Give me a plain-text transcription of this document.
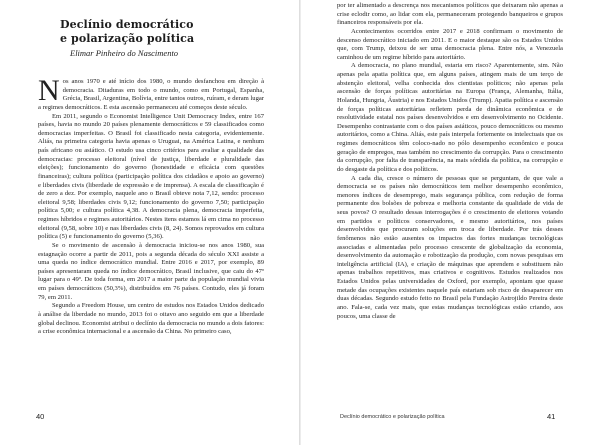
Declínio democrático
e polarização política
Elimar Pinheiro do Nascimento

Nos anos 1970 e até início dos 1980, o mundo desfanchou em direção à democracia. Ditaduras em todo o mundo, como em Portugal, Espanha, Grécia, Brasil, Argentina, Bolívia, entre tantos outros, ruíram, e deram lugar a regimes democráticos. E esta ascensão permaneceu até começos deste século.

Em 2011, segundo o Economist Intelligence Unit Democracy Index, entre 167 países, havia no mundo 20 países plenamente democráticos e 59 classificados como democracias imperfeitas. O Brasil foi classificado nesta categoria, evidentemente. Aliás, na primeira categoria havia apenas o Uruguai, na América Latina, e nenhum país africano ou asiático. O estudo usa cinco critérios para avaliar a qualidade das democracias: processo eleitoral (nível de justiça, liberdade e pluralidade das eleições); funcionamento do governo (honestidade e eficácia com questões financeiras); cultura política (participação política dos cidadãos e apoio ao governo) e liberdades civis (liberdade de expressão e de imprensa). A escala de classificação é de zero a dez. Por exemplo, naquele ano o Brasil obteve nota 7,12, sendo: processo eleitoral 9,58; liberdades civis 9,12; funcionamento do governo 7,50; participação política 5,00; e cultura política 4,38. A democracia plena, democracia imperfeita, regimes híbridos e regimes autoritários. Nestes itens estamos lá em cima no processo eleitoral (9,58, sobre 10) e nas liberdades civis (8, 24). Somos reprovados em cultura política (5) e funcionamento do governo (5,36).

Se o movimento de ascensão à democracia iniciou-se nos anos 1980, sua estagnação ocorre a partir de 2011, pois a segunda década do século XXI assiste a uma queda no índice democrático mundial. Entre 2016 e 2017, por exemplo, 89 países apresentaram queda no índice democrático, Brasil inclusive, que caiu do 47º lugar para o 49º. De toda forma, em 2017 a maior parte da população mundial vivia em países democráticos (50,3%), distribuídos em 76 países. Contudo, eles já foram 79, em 2011.

Segundo a Freedom House, um centro de estudos nos Estados Unidos dedicado à análise da liberdade no mundo, 2013 foi o oitavo ano seguido em que a liberdade global declinou. Economist atribui o declínio da democracia no mundo a dois fatores: a crise econômica internacional e a ascensão da China. No primeiro caso,

40

por ter alimentado a descrença nos mecanismos políticos que deixaram não apenas a crise eclodir como, ao lidar com ela, permaneceram protegendo banqueiros e grupos financeiros responsáveis por ela.

Acontecimentos ocorridos entre 2017 e 2018 confirmam o movimento de descenso democrático iniciado em 2011. E o maior destaque são os Estados Unidos que, com Trump, deixou de ser uma democracia plena. Entre nós, a Venezuela caminhou de um regime híbrido para autoritário.

A democracia, no plano mundial, estaria em risco? Aparentemente, sim. Não apenas pela apatia política que, em alguns países, atingem mais de um terço de abstenção eleitoral, velha conhecida dos cientistas políticos; não apenas pela ascensão de forças políticas autoritárias na Europa (França, Alemanha, Itália, Holanda, Hungria, Áustria) e nos Estados Unidos (Trump). Apatia política e ascensão de forças políticas autoritárias refletem perda de dinâmica econômica e de resolutividade estatal nos países desenvolvidos e em desenvolvimento no Ocidente. Desempenho contrastante com o dos países asiáticos, pouco democráticos ou mesmo autoritários, como a China. Aliás, este país interpela fortemente os intelectuais que os regimes democráticos têm coloco-nado no pólo desempenho econômico e pouca geração de empregos, mas também no crescimento da corrupção. Para o crescimento da corrupção, por falta de transparência, na mais sórdida da política, na corrupção e do desgaste da política e dos políticos.

A cada dia, cresce o número de pessoas que se perguntam, de que vale a democracia se os países não democráticos tem melhor desempenho econômico, menores índices de desemprego, mais segurança pública, com redução de forma permanente dos bolsões de pobreza e melhoria constante da qualidade de vida de seus povos? O resultado dessas interrogações é o crescimento de eleitores votando em partidos e políticos conservadores, e mesmo autoritários, nos países desenvolvidos que procuram soluções em troca de liberdade. Por trás desses fenômenos não estão ausentes os impactos das fortes mudanças tecnológicas associadas e alimentadas pelo processo crescente de globalização da economia, desenvolvimento da automação e robotização da produção, com novas pesquisas em inteligência artificial (IA), e criação de máquinas que aprendem e substituem não apenas trabalhos repetitivos, mas criativos e cognitivos. Estudos realizados nos Estados Unidos pelas universidades de Oxford, por exemplo, apontam que quase metade das ocupações existentes naquele país estariam sob risco de desaparecer em duas décadas. Segundo estudo feito no Brasil pela Fundação Astrojildo Pereira deste ano. Fala-se, cada vez mais, que estas mudanças tecnológicas estão criando, aos poucos, uma classe de

Declínio democrático e polarização política	41
